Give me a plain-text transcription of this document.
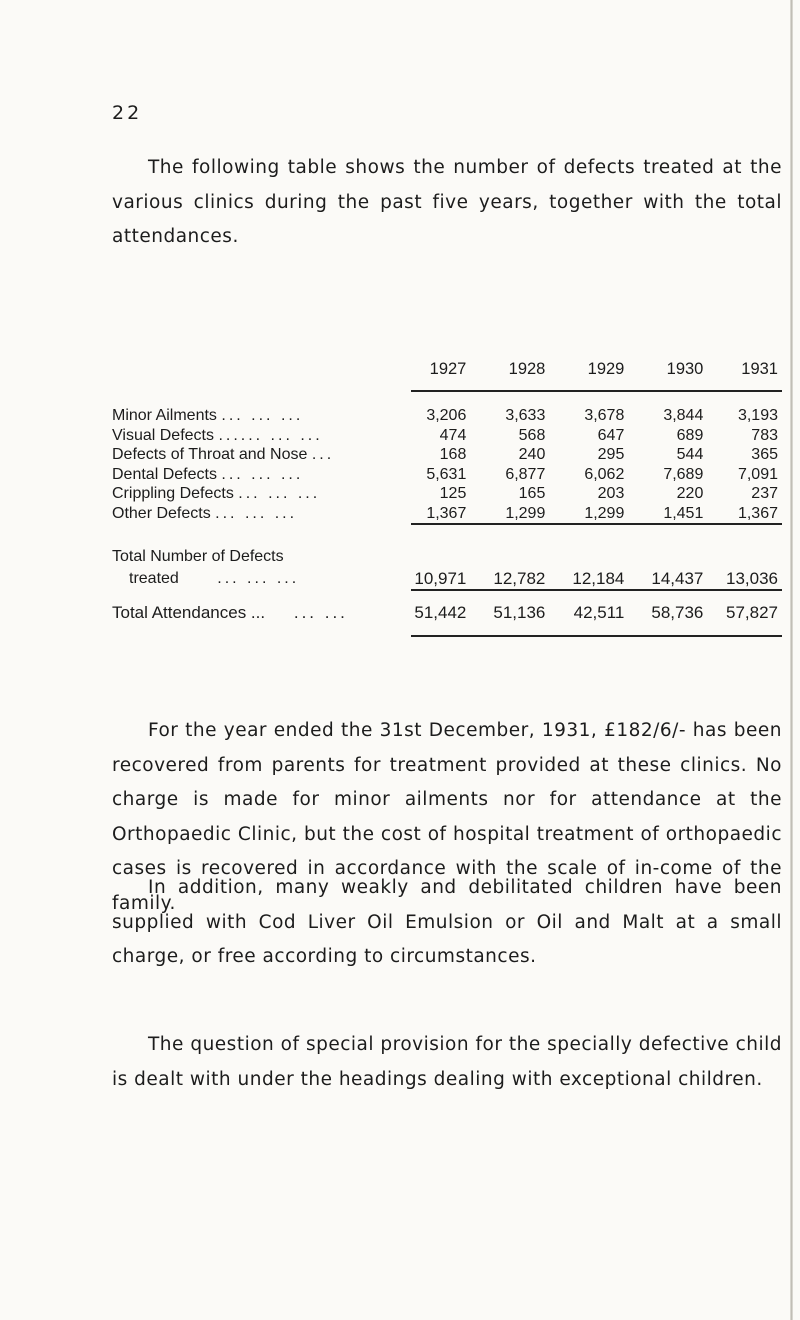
22

The following table shows the number of defects treated at the various clinics during the past five years, together with the total attendances.

	1927	1928	1929	1930	1931

Minor Ailments ... ... ...	3,206	3,633	3,678	3,844	3,193
Visual Defects ...... ... ...	474	568	647	689	783
Defects of Throat and Nose ...	168	240	295	544	365
Dental Defects ... ... ...	5,631	6,877	6,062	7,689	7,091
Crippling Defects ... ... ...	125	165	203	220	237
Other Defects ... ... ...	1,367	1,299	1,299	1,451	1,367

Total Number of Defects
treated ... ... ...	10,971	12,782	12,184	14,437	13,036
Total Attendances ... ... ...	51,442	51,136	42,511	58,736	57,827

For the year ended the 31st December, 1931, £182/6/- has been recovered from parents for treatment provided at these clinics. No charge is made for minor ailments nor for attendance at the Orthopaedic Clinic, but the cost of hospital treatment of orthopaedic cases is recovered in accordance with the scale of in-come of the family.

In addition, many weakly and debilitated children have been supplied with Cod Liver Oil Emulsion or Oil and Malt at a small charge, or free according to circumstances.

The question of special provision for the specially defective child is dealt with under the headings dealing with exceptional children.
